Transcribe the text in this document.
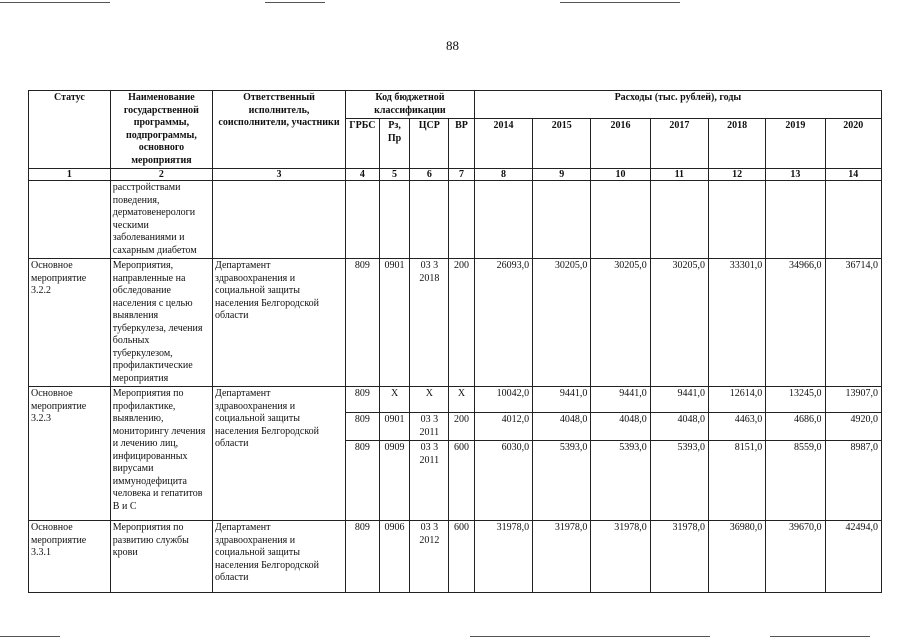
88
Статус	Наименование государственной программы, подпрограммы, основного мероприятия	Ответственный исполнитель, соисполнители, участники	Код бюджетной классификации				Расходы (тыс. рублей), годы						
			ГРБС	Рз, Пр	ЦСР	ВР	2014	2015	2016	2017	2018	2019	2020
1	2	3	4	5	6	7	8	9	10	11	12	13	14
	расстройствами поведения, дерматовенерологи ческими заболеваниями и сахарным диабетом												
Основное мероприятие 3.2.2	Мероприятия, направленные на обследование населения с целью выявления туберкулеза, лечения больных туберкулезом, профилактические мероприятия	Департамент здравоохранения и социальной защиты населения Белгородской области	809	0901	03 3 2018	200	26093,0	30205,0	30205,0	30205,0	33301,0	34966,0	36714,0
Основное мероприятие 3.2.3	Мероприятия по профилактике, выявлению, мониторингу лечения и лечению лиц, инфицированных вирусами иммунодефицита человека и гепатитов В и С	Департамент здравоохранения и социальной защиты населения Белгородской области	809	X	X	X	10042,0	9441,0	9441,0	9441,0	12614,0	13245,0	13907,0
			809	0901	03 3 2011	200	4012,0	4048,0	4048,0	4048,0	4463,0	4686,0	4920,0
			809	0909	03 3 2011	600	6030,0	5393,0	5393,0	5393,0	8151,0	8559,0	8987,0
Основное мероприятие 3.3.1	Мероприятия по развитию службы крови	Департамент здравоохранения и социальной защиты населения Белгородской области	809	0906	03 3 2012	600	31978,0	31978,0	31978,0	31978,0	36980,0	39670,0	42494,0
